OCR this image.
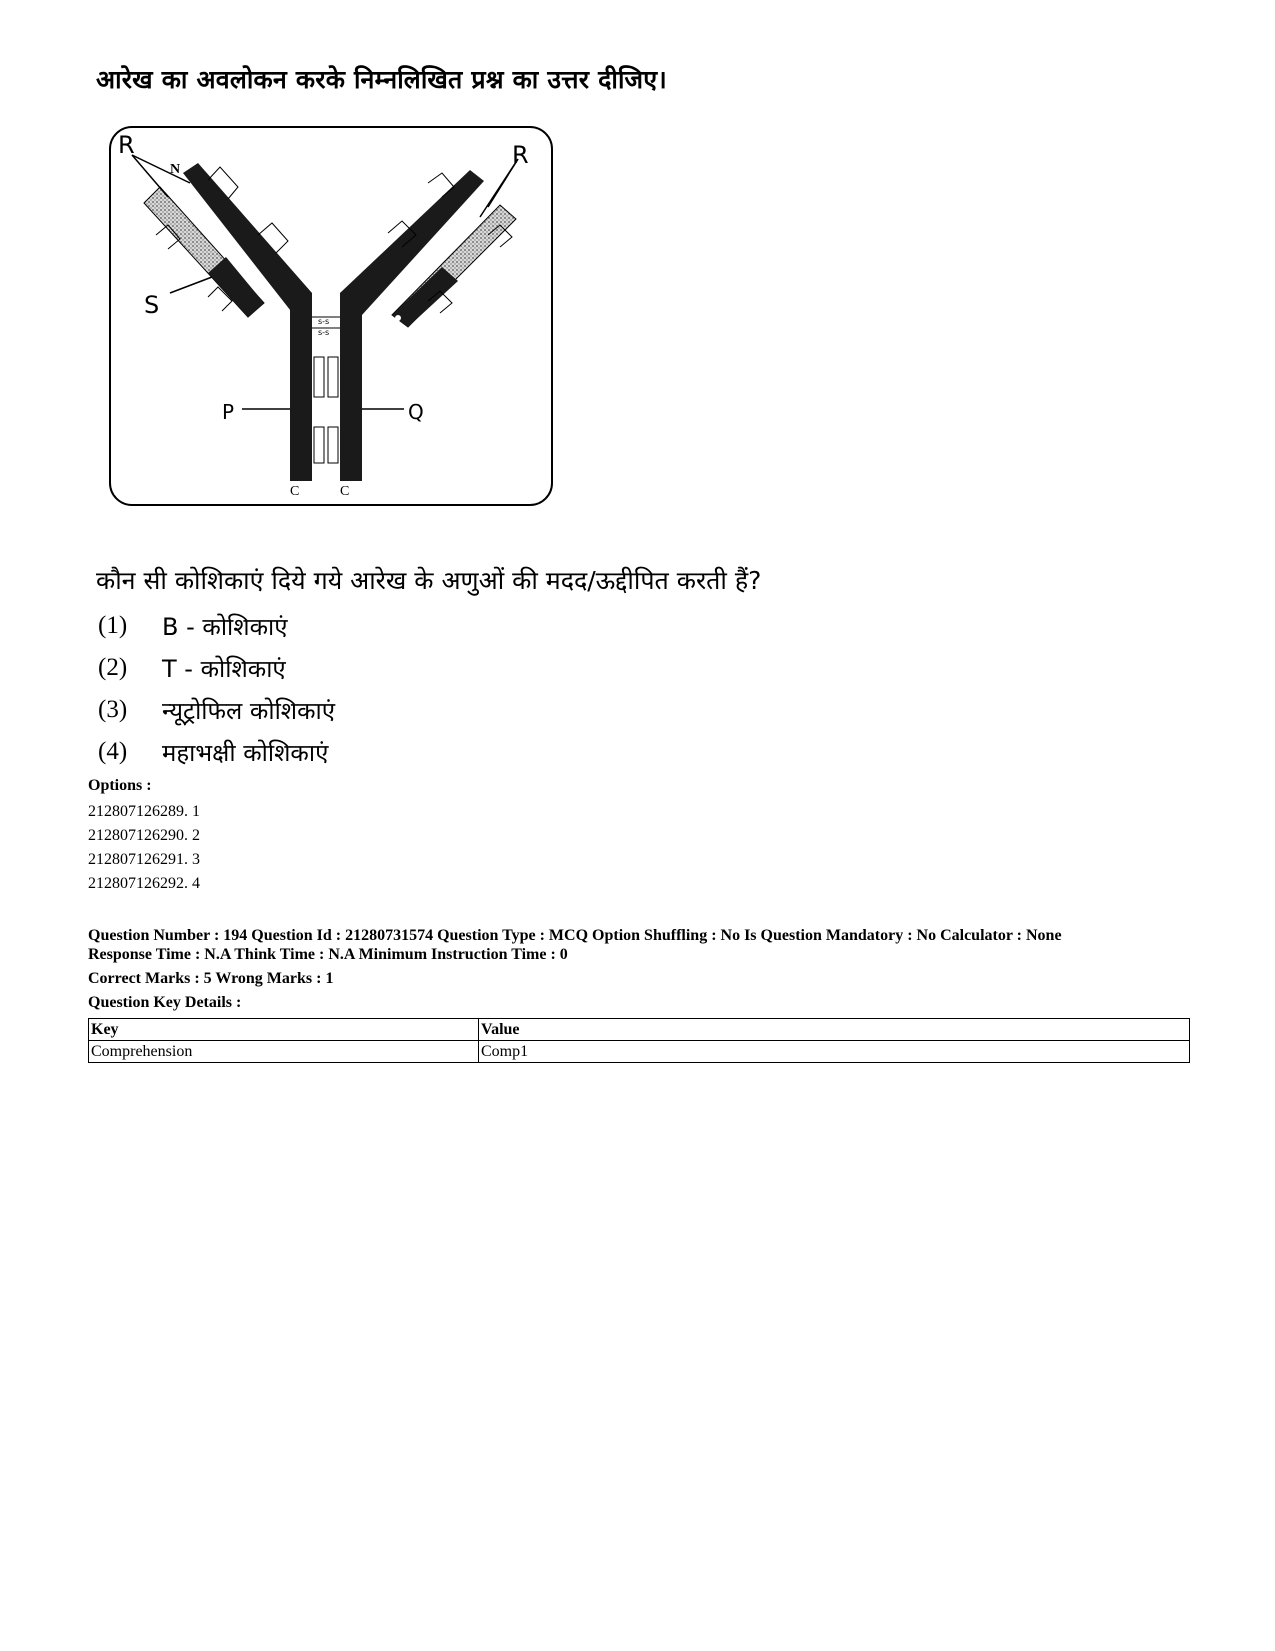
आरेख का अवलोकन करके निम्नलिखित प्रश्न का उत्तर दीजिए।
s-s
s-s
R
N
R
S
P	Q
C	C
कौन सी कोशिकाएं दिये गये आरेख के अणुओं की मदद/ऊद्दीपित करती हैं?
(1)	B - कोशिकाएं
(2)	T - कोशिकाएं
(3)	न्यूट्रोफिल कोशिकाएं
(4)	महाभक्षी कोशिकाएं
Options :
212807126289. 1
212807126290. 2
212807126291. 3
212807126292. 4
Question Number : 194 Question Id : 21280731574 Question Type : MCQ Option Shuffling : No Is Question Mandatory : No Calculator : None
Response Time : N.A Think Time : N.A Minimum Instruction Time : 0
Correct Marks : 5 Wrong Marks : 1
Question Key Details :
Key	Value
Comprehension	Comp1
